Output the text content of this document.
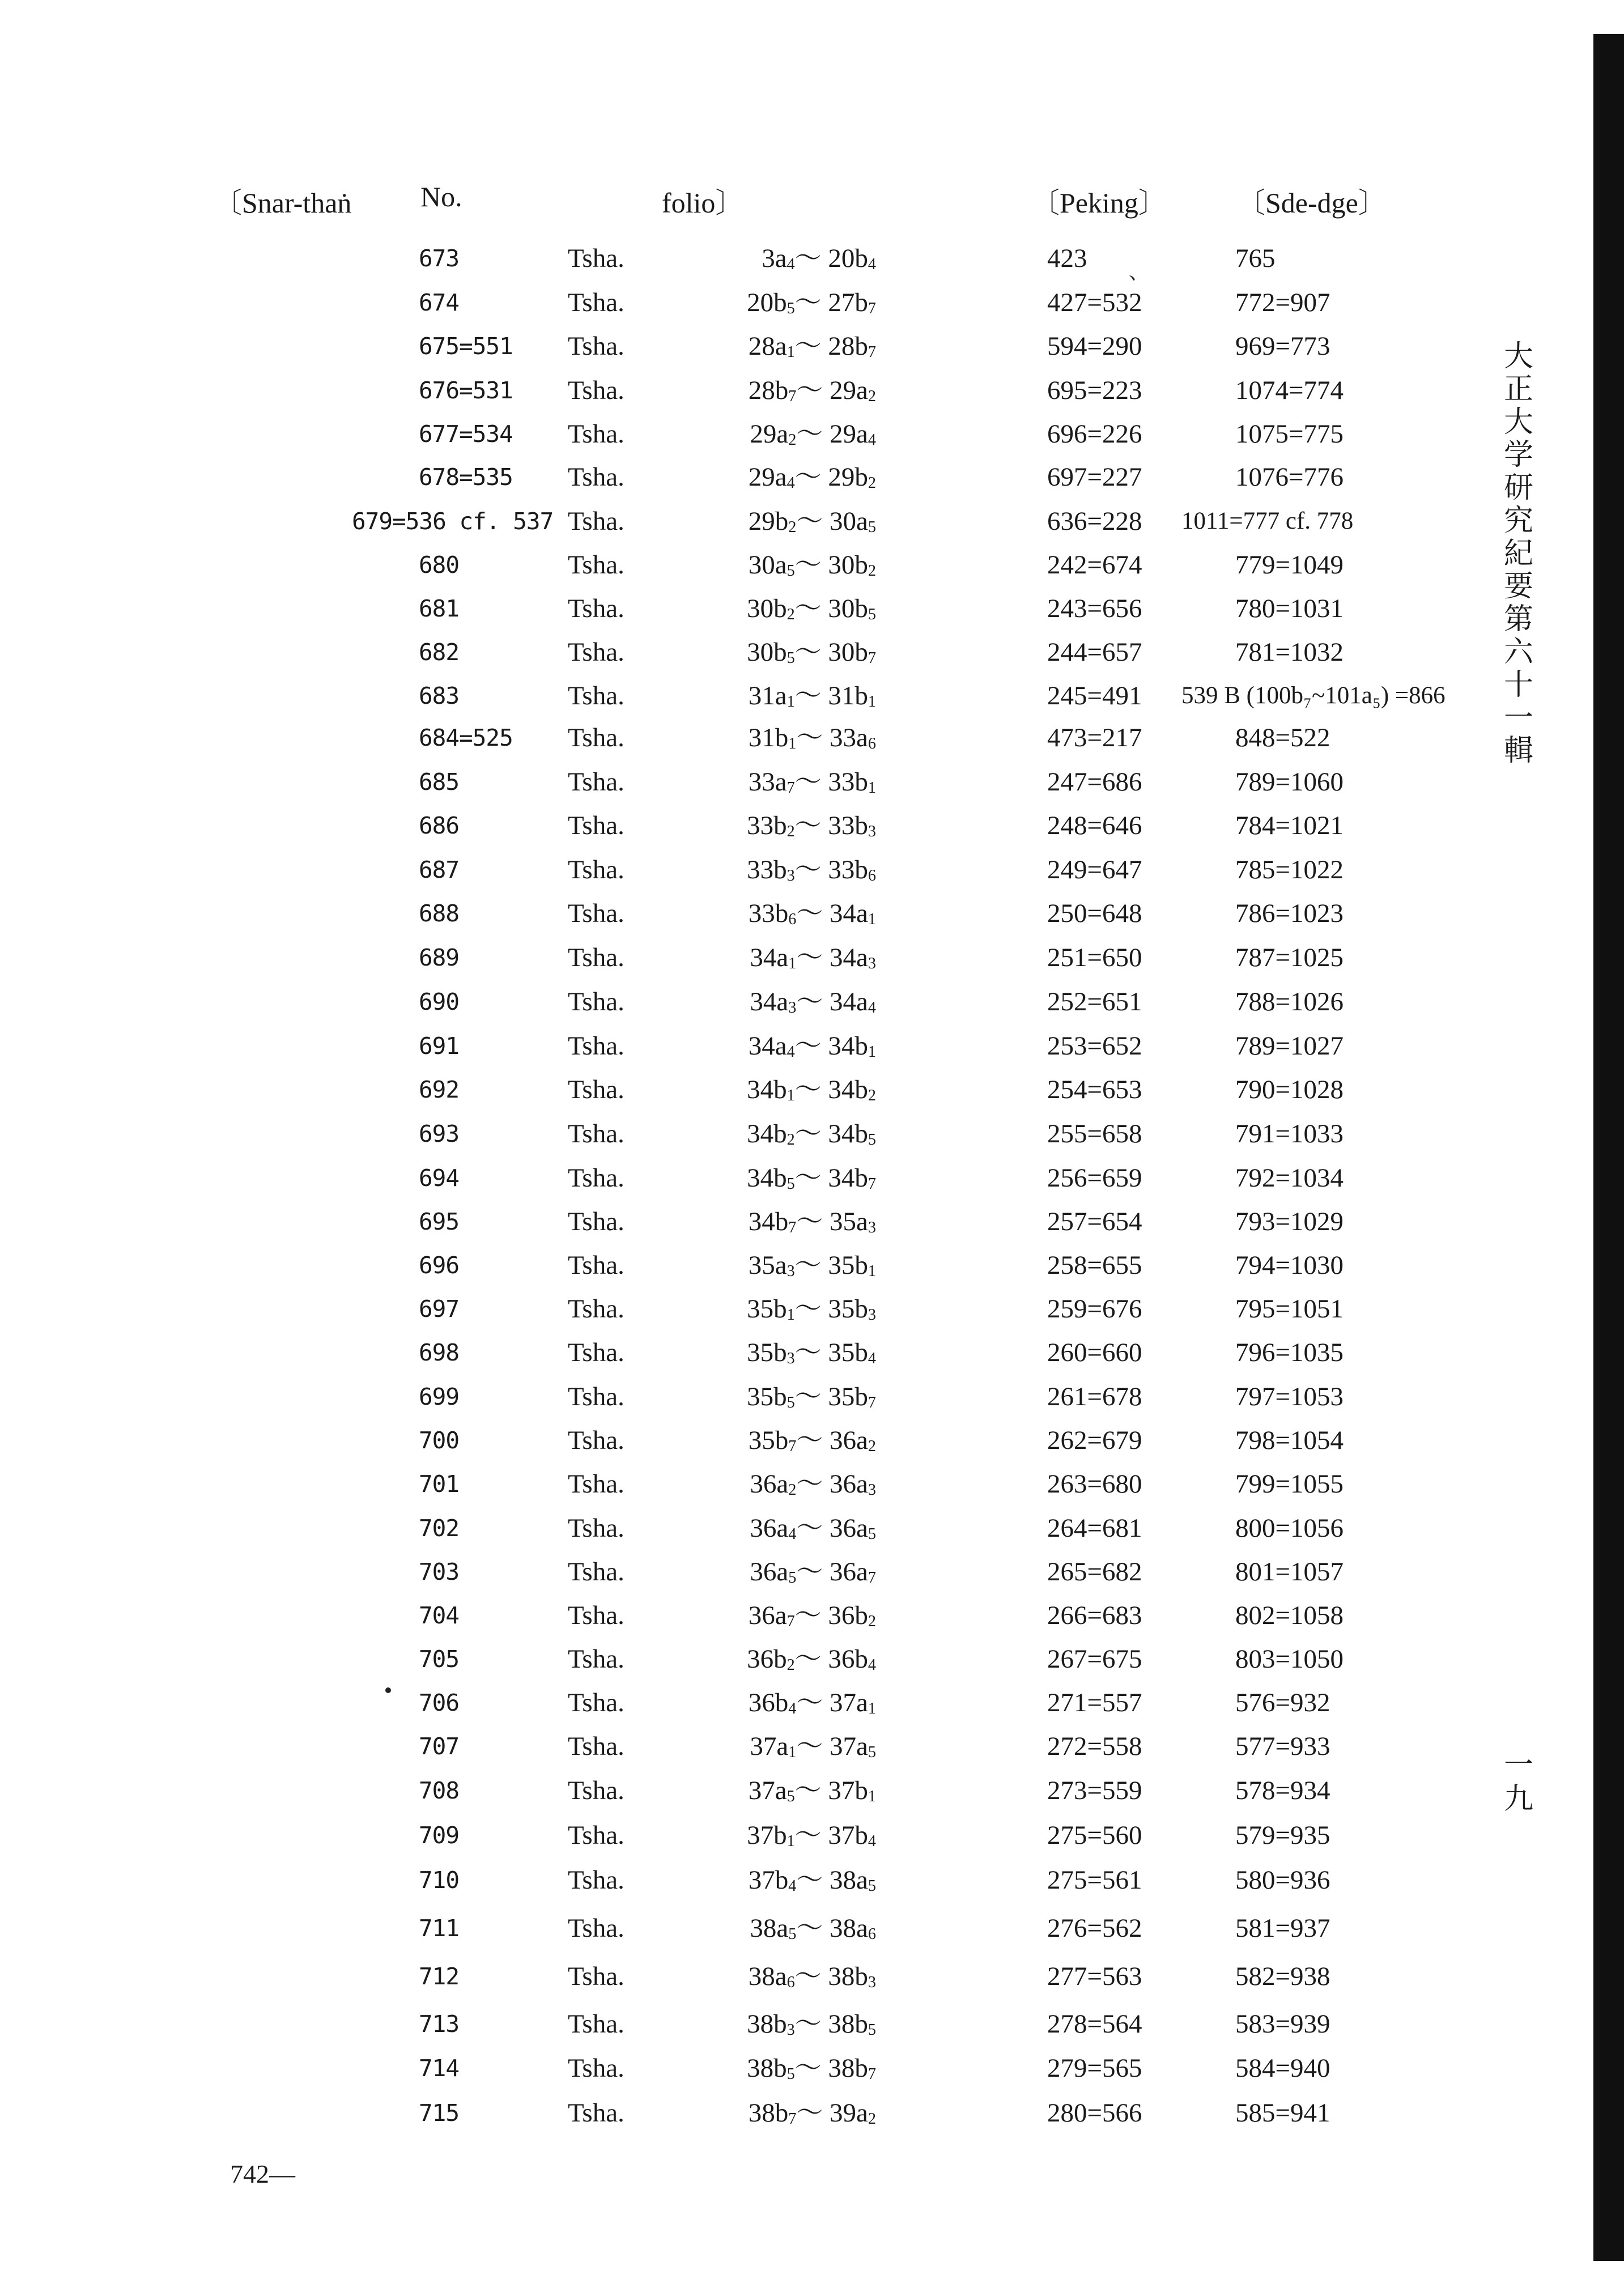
〔Snar-thaṅ No.	folio〕	〔Peking〕 〔Sde-dge〕
673	Tsha.	$3a_4$〜 $20b_4$	423	765
674	Tsha.	$20b_5$〜 $27b_7$	427=532	772=907
675=551 Tsha.	$28a_1$〜 $28b_7$	594=290	969=773
676=531 Tsha.	$28b_7$〜 $29a_2$	695=223	1074=774
677=534 Tsha.	$29a_2$〜 $29a_4$	696=226	1075=775
678=535 Tsha.	$29a_4$〜 $29b_2$	697=227	1076=776
679=536 cf. 537 Tsha.	$29b_2$〜 $30a_5$	636=228 1011=777 cf. 778
680	Tsha.	$30a_5$〜 $30b_2$	242=674	779=1049
681	Tsha.	$30b_2$〜 $30b_5$	243=656	780=1031
682	Tsha.	$30b_5$〜 $30b_7$	244=657	781=1032
683	Tsha.	$31a_1$〜 $31b_1$	245=491 539 B (100b₇~101a₅) =866
684=525 Tsha.	$31b_1$〜 $33a_6$	473=217	848=522
685	Tsha.	$33a_7$〜 $33b_1$	247=686	789=1060
686	Tsha.	$33b_2$〜 $33b_3$	248=646	784=1021
687	Tsha.	$33b_3$〜 $33b_6$	249=647	785=1022
688	Tsha.	$33b_6$〜 $34a_1$	250=648	786=1023
689	Tsha.	$34a_1$〜 $34a_3$	251=650	787=1025
690	Tsha.	$34a_3$〜 $34a_4$	252=651	788=1026
691	Tsha.	$34a_4$〜 $34b_1$	253=652	789=1027
692	Tsha.	$34b_1$〜 $34b_2$	254=653	790=1028
693	Tsha.	$34b_2$〜 $34b_5$	255=658	791=1033
694	Tsha.	$34b_5$〜 $34b_7$	256=659	792=1034
695	Tsha.	$34b_7$〜 $35a_3$	257=654	793=1029
696	Tsha.	$35a_3$〜 $35b_1$	258=655	794=1030
697	Tsha.	$35b_1$〜 $35b_3$	259=676	795=1051
698	Tsha.	$35b_3$〜 $35b_4$	260=660	796=1035
699	Tsha.	$35b_5$〜 $35b_7$	261=678	797=1053
700	Tsha.	$35b_7$〜 $36a_2$	262=679	798=1054
701	Tsha.	$36a_2$〜 $36a_3$	263=680	799=1055
702	Tsha.	$36a_4$〜 $36a_5$	264=681	800=1056
703	Tsha.	$36a_5$〜 $36a_7$	265=682	801=1057
704	Tsha.	$36a_7$〜 $36b_2$	266=683	802=1058
705	Tsha.	$36b_2$〜 $36b_4$	267=675	803=1050
706	Tsha.	$36b_4$〜 $37a_1$	271=557	576=932
707	Tsha.	$37a_1$〜 $37a_5$	272=558	577=933
708	Tsha.	$37a_5$〜 $37b_1$	273=559	578=934
709	Tsha.	$37b_1$〜 $37b_4$	275=560	579=935
710	Tsha.	$37b_4$〜 $38a_5$	275=561	580=936
711	Tsha.	$38a_5$〜 $38a_6$	276=562	581=937
712	Tsha.	$38a_6$〜 $38b_3$	277=563	582=938
713	Tsha.	$38b_3$〜 $38b_5$	278=564	583=939
714	Tsha.	$38b_5$〜 $38b_7$	279=565	584=940
715	Tsha.	$38b_7$〜 $39a_2$	280=566	585=941
、
大
正
大
学
研
究
紀
要
第
六
十
一
輯
一
九
742—
